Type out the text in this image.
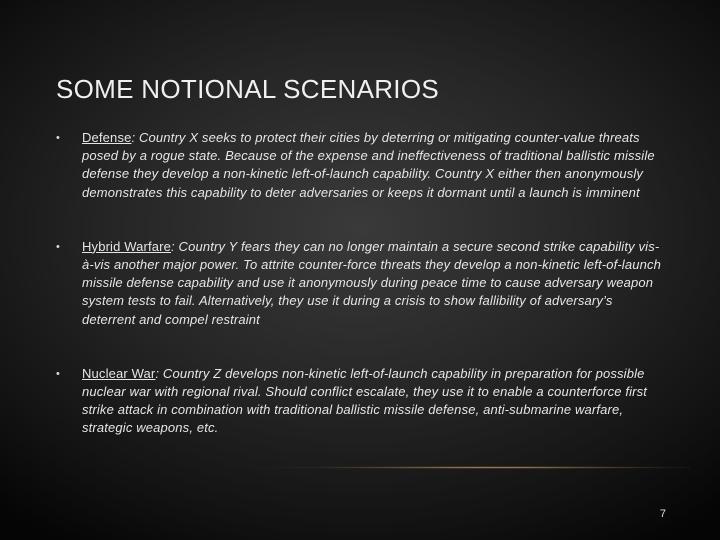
SOME NOTIONAL SCENARIOS
• Defense: Country X seeks to protect their cities by deterring or mitigating counter-value threats posed by a rogue state. Because of the expense and ineffectiveness of traditional ballistic missile defense they develop a non-kinetic left-of-launch capability. Country X either then anonymously demonstrates this capability to deter adversaries or keeps it dormant until a launch is imminent
• Hybrid Warfare: Country Y fears they can no longer maintain a secure second strike capability vis-à-vis another major power. To attrite counter-force threats they develop a non-kinetic left-of-launch missile defense capability and use it anonymously during peace time to cause adversary weapon system tests to fail. Alternatively, they use it during a crisis to show fallibility of adversary’s deterrent and compel restraint
• Nuclear War: Country Z develops non-kinetic left-of-launch capability in preparation for possible nuclear war with regional rival. Should conflict escalate, they use it to enable a counterforce first strike attack in combination with traditional ballistic missile defense, anti-submarine warfare, strategic weapons, etc.
7
